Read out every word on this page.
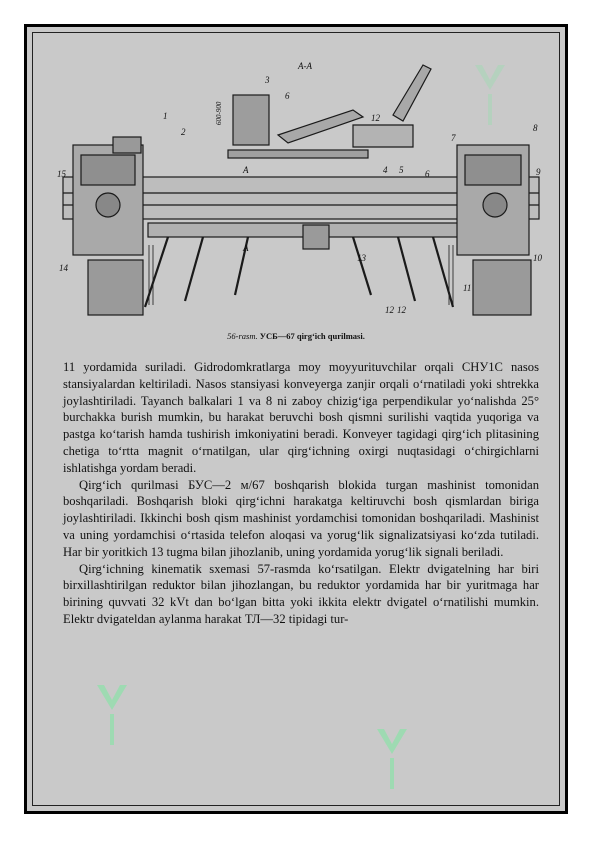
A-A
600-900
1
2
3
4 5
6
7
8
9
10
11
12
13
14
15	6
12 12
A
A
56-rasm. УСБ—67 qirg‘ich qurilmasi.

11 yordamida suriladi. Gidrodomkratlarga moy moyyurituvchilar orqali СНУ1С nasos stansiyalardan keltiriladi. Nasos stansiyasi konveyerga zanjir orqali o‘rnatiladi yoki shtrekka joylashtiriladi. Tayanch balkalari 1 va 8 ni zaboy chizig‘iga perpendikular yo‘nalishda 25° burchakka burish mumkin, bu harakat beruvchi bosh qismni surilishi vaqtida yuqoriga va pastga ko‘tarish hamda tushirish imkoniyatini beradi. Konveyer tagidagi qirg‘ich plitasining chetiga to‘rtta magnit o‘rnatilgan, ular qirg‘ichning oxirgi nuqtasidagi o‘chirgichlarni ishlatishga yordam beradi.

Qirg‘ich qurilmasi БУС—2 м/67 boshqarish blokida turgan mashinist tomonidan boshqariladi. Boshqarish bloki qirg‘ichni harakatga keltiruvchi bosh qismlardan biriga joylashtiriladi. Ikkinchi bosh qism mashinist yordamchisi tomonidan boshqariladi. Mashinist va uning yordamchisi o‘rtasida telefon aloqasi va yorug‘lik signalizatsiyasi ko‘zda tutiladi. Har bir yoritkich 13 tugma bilan jihozlanib, uning yordamida yorug‘lik signali beriladi.

Qirg‘ichning kinematik sxemasi 57-rasmda ko‘rsatilgan. Elektr dvigatelning har biri birxillashtirilgan reduktor bilan jihozlangan, bu reduktor yordamida har bir yuritmaga har birining quvvati 32 kVt dan bo‘lgan bitta yoki ikkita elektr dvigatel o‘rnatilishi mumkin. Elektr dvigateldan aylanma harakat ТЛ—32 tipidagi tur-
